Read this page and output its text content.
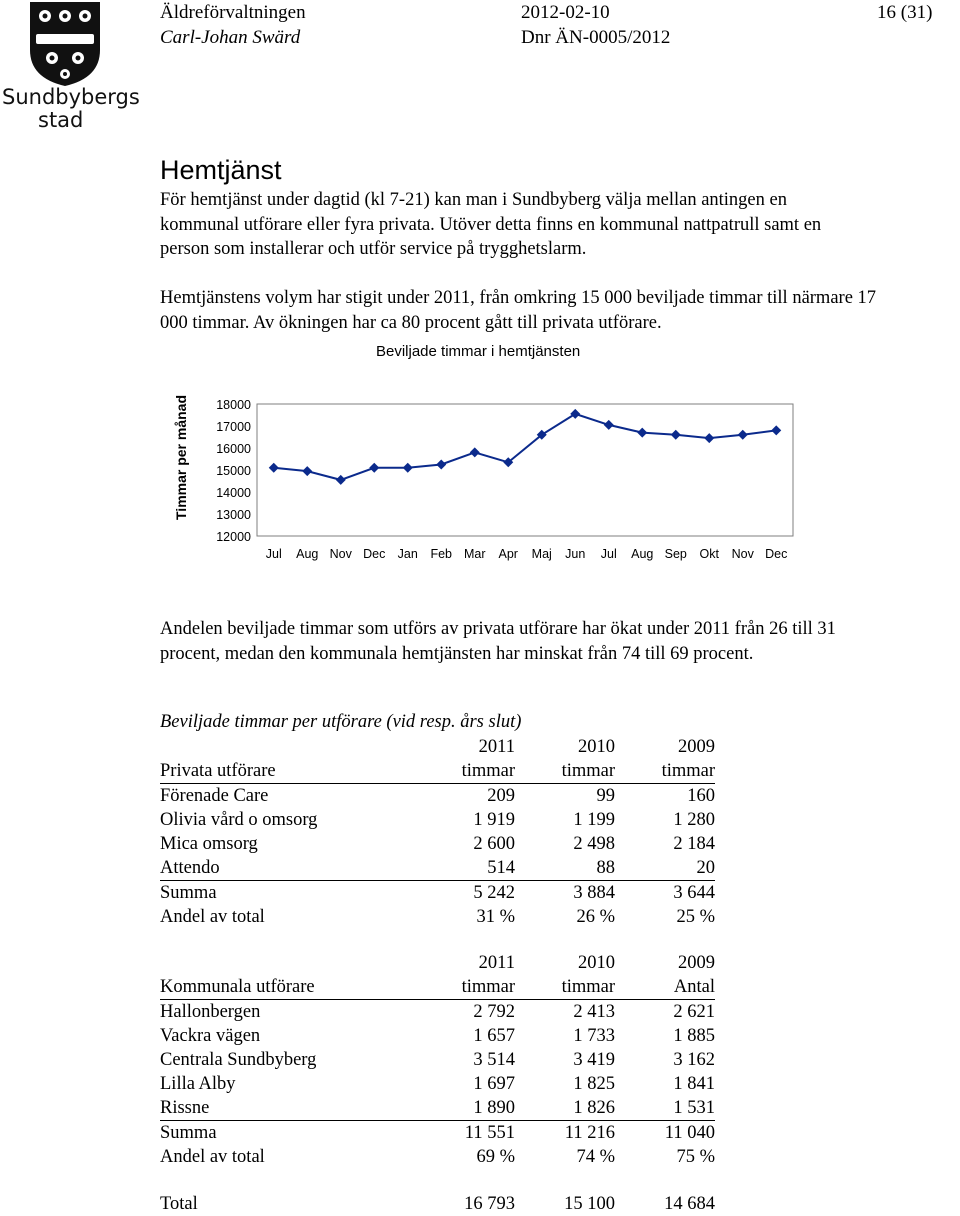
Sundbybergs
stad
Äldreförvaltningen
Carl-Johan Swärd
2012-02-10
Dnr ÄN-0005/2012
16 (31)
Hemtjänst
För hemtjänst under dagtid (kl 7-21) kan man i Sundbyberg välja mellan antingen en kommunal utförare eller fyra privata. Utöver detta finns en kommunal nattpatrull samt en person som installerar och utför service på trygghetslarm.
Hemtjänstens volym har stigit under 2011, från omkring 15 000 beviljade timmar till närmare 17 000 timmar. Av ökningen har ca 80 procent gått till privata utförare.
Beviljade timmar i hemtjänsten
Timmar per månad 18000
17000
16000
15000
14000
13000
12000
Jul Aug Nov Dec Jan Feb Mar Apr Maj Jun Jul Aug Sep Okt Nov Dec
Andelen beviljade timmar som utförs av privata utförare har ökat under 2011 från 26 till 31 procent, medan den kommunala hemtjänsten har minskat från 74 till 69 procent.
Beviljade timmar per utförare (vid resp. års slut)
	2011	2010	2009
Privata utförare	timmar	timmar	timmar
Förenade Care	209	99	160
Olivia vård o omsorg	1 919	1 199	1 280
Mica omsorg	2 600	2 498	2 184
Attendo	514	88	20
Summa	5 242	3 884	3 644
Andel av total	31 %	26 %	25 %
	2011	2010	2009
Kommunala utförare	timmar	timmar	Antal
Hallonbergen	2 792	2 413	2 621
Vackra vägen	1 657	1 733	1 885
Centrala Sundbyberg	3 514	3 419	3 162
Lilla Alby	1 697	1 825	1 841
Rissne	1 890	1 826	1 531
Summa	11 551	11 216	11 040
Andel av total	69 %	74 %	75 %
Total	16 793	15 100	14 684
